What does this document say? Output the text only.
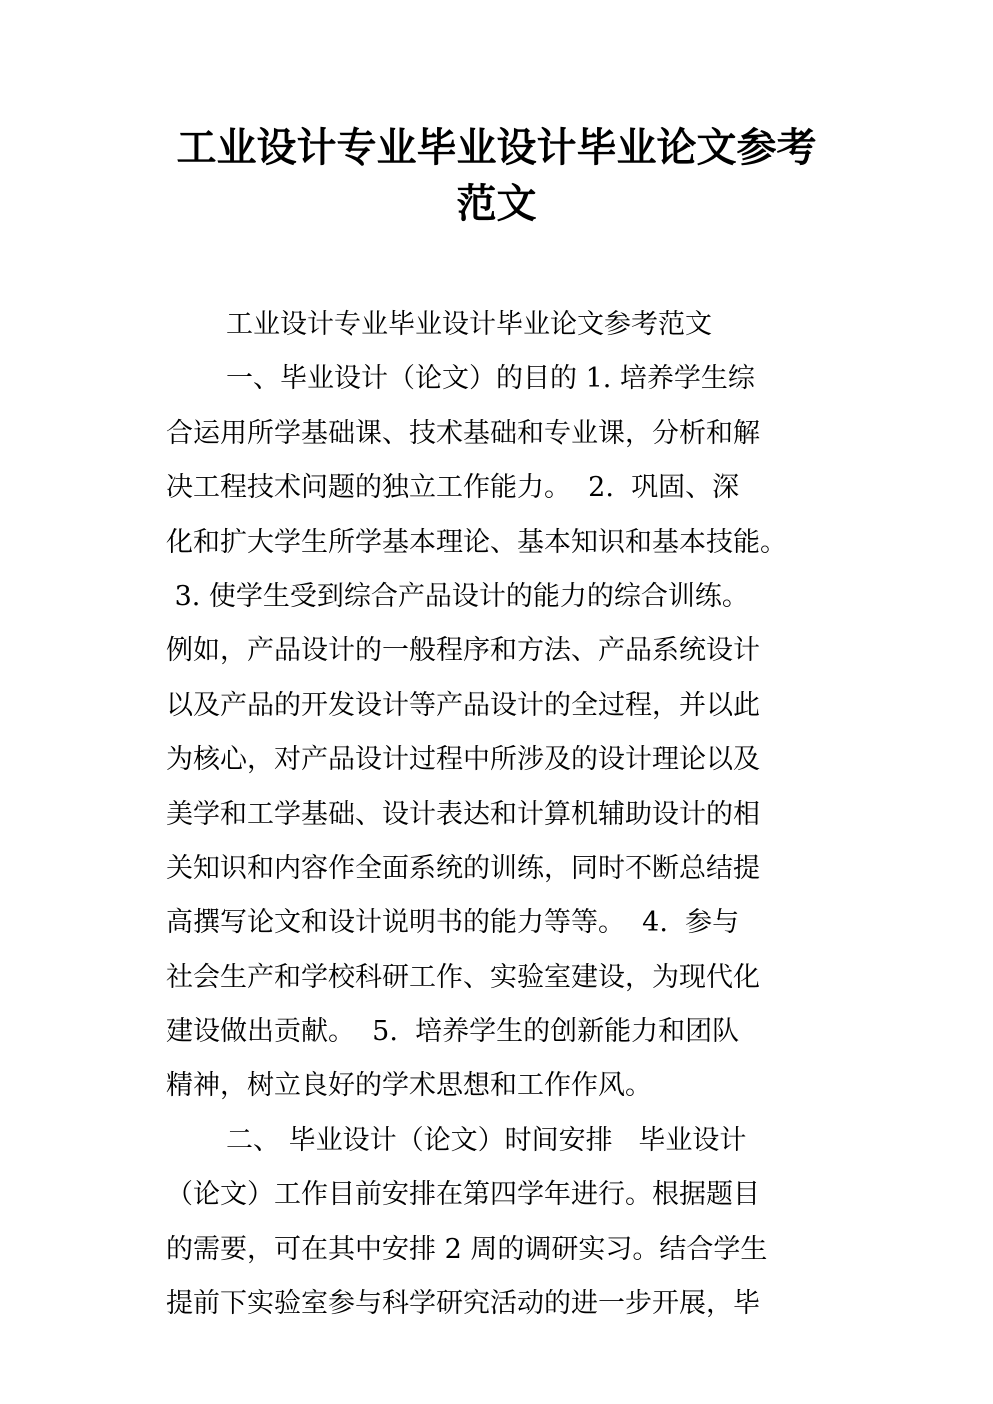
工业设计专业毕业设计毕业论文参考
范文
工业设计专业毕业设计毕业论文参考范文
一、毕业设计（论文）的目的 1. 培养学生综
合运用所学基础课、技术基础和专业课，分析和解
决工程技术问题的独立工作能力。  2.  巩固、深
化和扩大学生所学基本理论、基本知识和基本技能。
3. 使学生受到综合产品设计的能力的综合训练。
例如，产品设计的一般程序和方法、产品系统设计
以及产品的开发设计等产品设计的全过程，并以此
为核心，对产品设计过程中所涉及的设计理论以及
美学和工学基础、设计表达和计算机辅助设计的相
关知识和内容作全面系统的训练，同时不断总结提
高撰写论文和设计说明书的能力等等。  4.  参与
社会生产和学校科研工作、实验室建设，为现代化
建设做出贡献。  5.  培养学生的创新能力和团队
精神，树立良好的学术思想和工作作风。
二、 毕业设计（论文）时间安排   毕业设计
（论文）工作目前安排在第四学年进行。根据题目
的需要，可在其中安排 2 周的调研实习。结合学生
提前下实验室参与科学研究活动的进一步开展，毕
